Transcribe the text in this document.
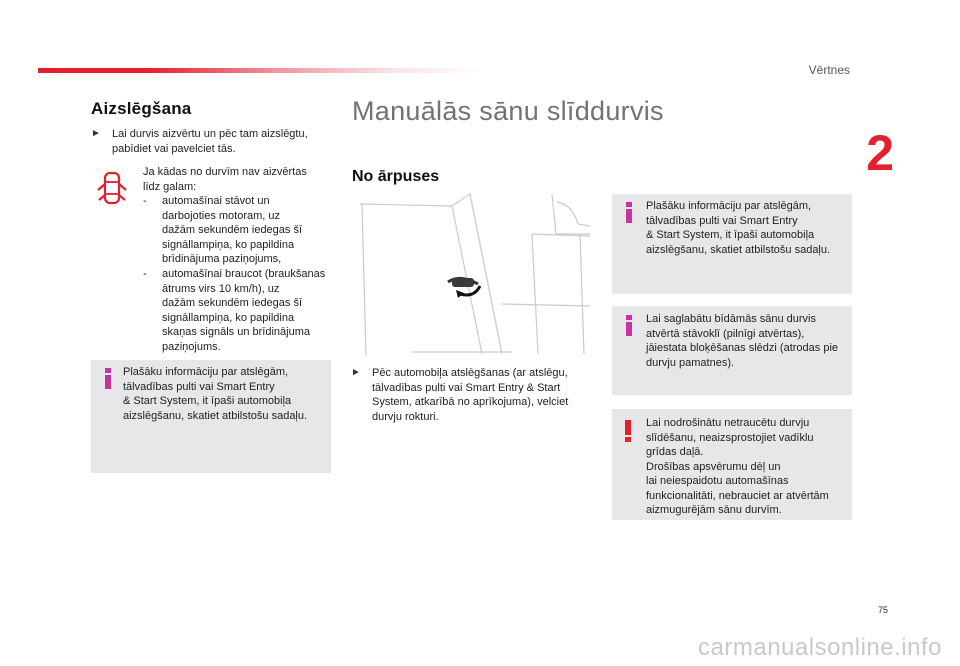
Vērtnes
2
Aizslēgšana
► Lai durvis aizvērtu un pēc tam aizslēgtu,
pabīdiet vai pavelciet tās.
Ja kādas no durvīm nav aizvērtas
līdz galam:
- automašīnai stāvot un
darbojoties motoram, uz
dažām sekundēm iedegas šī
signāllampiņa, ko papildina
brīdinājuma paziņojums,
- automašīnai braucot (braukšanas
ātrums virs 10 km/h), uz
dažām sekundēm iedegas šī
signāllampiņa, ko papildina
skaņas signāls un brīdinājuma
paziņojums.
Plašāku informāciju par atslēgām,
tālvadības pulti vai Smart Entry
& Start System, it īpaši automobiļa
aizslēgšanu, skatiet atbilstošu sadaļu.
Manuālās sānu slīddurvis
No ārpuses
► Pēc automobiļa atslēgšanas (ar atslēgu,
tālvadības pulti vai Smart Entry & Start
System, atkarībā no aprīkojuma), velciet
durvju rokturi.
Plašāku informāciju par atslēgām,
tālvadības pulti vai Smart Entry
& Start System, it īpaši automobiļa
aizslēgšanu, skatiet atbilstošu sadaļu.
Lai saglabātu bīdāmās sānu durvis
atvērtā stāvoklī (pilnīgi atvērtas),
jāiestata bloķēšanas slēdzi (atrodas pie
durvju pamatnes).
Lai nodrošinātu netraucētu durvju
slīdēšanu, neaizsprostojiet vadīklu
grīdas daļā.
Drošības apsvērumu dēļ un
lai neiespaidotu automašīnas
funkcionalitāti, nebrauciet ar atvērtām
aizmugurējām sānu durvīm.
75
carmanualsonline.info
